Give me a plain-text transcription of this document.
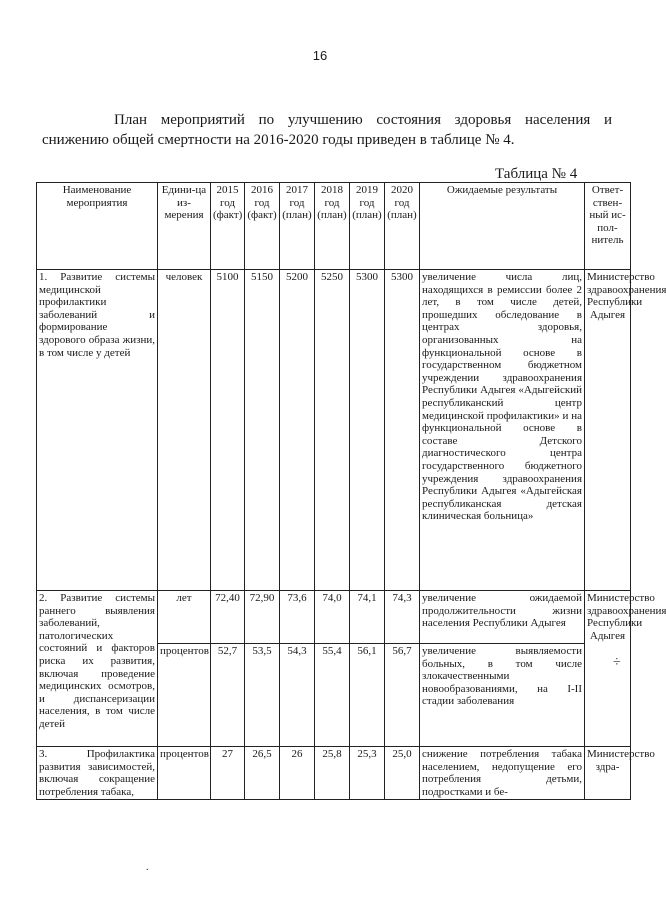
16
План мероприятий по улучшению состояния здоровья населения и снижению общей смертности на 2016-2020 годы приведен в таблице № 4.
Таблица № 4
Наименование мероприятия	Едини-ца из-мерения	2015 год (факт)	2016 год (факт)	2017 год (план)	2018 год (план)	2019 год (план)	2020 год (план)	Ожидаемые результаты	Ответ-ствен-ный ис-пол-нитель
1. Развитие системы медицинской профилактики заболеваний и формирование здорового образа жизни, в том числе у детей	человек	5100	5150	5200	5250	5300	5300	увеличение числа лиц, находящихся в ремиссии более 2 лет, в том числе детей, прошедших обследование в центрах здоровья, организованных на функциональной основе в государственном бюджетном учреждении здравоохранения Республики Адыгея «Адыгейский республиканский центр медицинской профилактики» и на функциональной основе в составе Детского диагностического центра государственного бюджетного учреждения здравоохранения Республики Адыгея «Адыгейская республиканская детская клиническая больница»	Министерство здравоохранения Республики Адыгея
2. Развитие системы раннего выявления заболеваний, патологических состояний и факторов риска их развития, включая проведение медицинских осмотров, и диспансеризации населения, в том числе детей	лет	72,40	72,90	73,6	74,0	74,1	74,3	увеличение ожидаемой продолжительности жизни населения Республики Адыгея	Министерство здравоохранения Республики Адыгея
	процентов	52,7	53,5	54,3	55,4	56,1	56,7	увеличение выявляемости больных, в том числе злокачественными новообразованиями, на I-II стадии заболевания	
3. Профилактика развития зависимостей, включая сокращение потребления табака,	процентов	27	26,5	26	25,8	25,3	25,0	снижение потребления табака населением, недопущение его потребления детьми, подростками и бе-	Министерство здра-
÷
.
